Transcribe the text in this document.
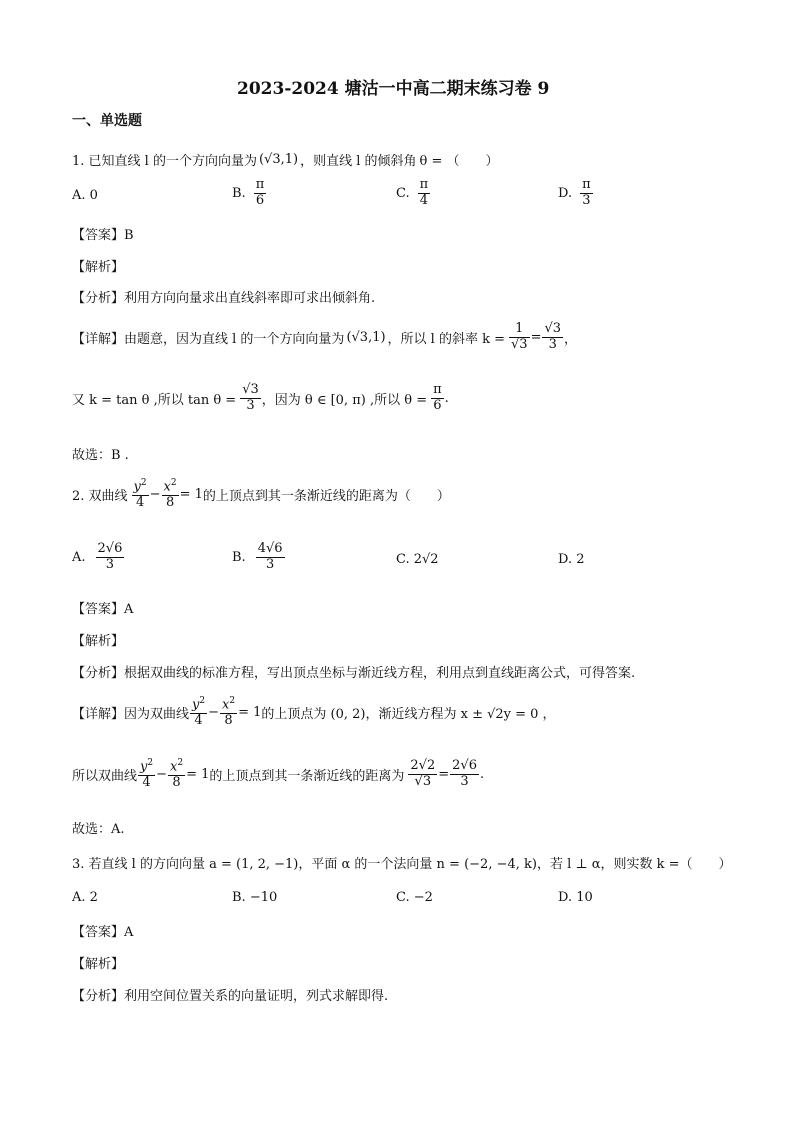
2023-2024 塘沽一中高二期末练习卷 9
一、单选题
1. 已知直线 l 的一个方向向量为 (√3,1) ，则直线 l 的倾斜角 θ = （　　）
A. 0	B. $\frac{\pi}{6}$	C. $\frac{\pi}{4}$	D. $\frac{\pi}{3}$
【答案】B
【解析】
【分析】利用方向向量求出直线斜率即可求出倾斜角.
【详解】由题意，因为直线 l 的一个方向向量为 (√3,1) ，所以 l 的斜率 $k = \frac{1}{√3} = \frac{√3}{3}$ ，
又 k = tan θ ,所以 $\tan \theta = \frac{√3}{3}$ ，因为 θ ∈ [0, π) ,所以 $\theta = \frac{\pi}{6}$ .
故选：B .
2. 双曲线 $\frac{y^2}{4} - \frac{x^2}{8} = 1$ 的上顶点到其一条渐近线的距离为（　　）
A. $\frac{2√6}{3}$	B. $\frac{4√6}{3}$	C. 2√2	D. 2
【答案】A
【解析】
【分析】根据双曲线的标准方程，写出顶点坐标与渐近线方程，利用点到直线距离公式，可得答案.
【详解】因为双曲线 $\frac{y^2}{4} - \frac{x^2}{8} = 1$ 的上顶点为 (0, 2)，渐近线方程为 x ± √2y = 0 ，
所以双曲线 $\frac{y^2}{4} - \frac{x^2}{8} = 1$ 的上顶点到其一条渐近线的距离为 $\frac{2√2}{√3} = \frac{2√6}{3}$ .
故选：A.
3. 若直线 l 的方向向量 a = (1, 2, −1)，平面 α 的一个法向量 n = (−2, −4, k)，若 l ⊥ α，则实数 k =（　　）
A. 2	B. −10	C. −2	D. 10
【答案】A
【解析】
【分析】利用空间位置关系的向量证明，列式求解即得.
